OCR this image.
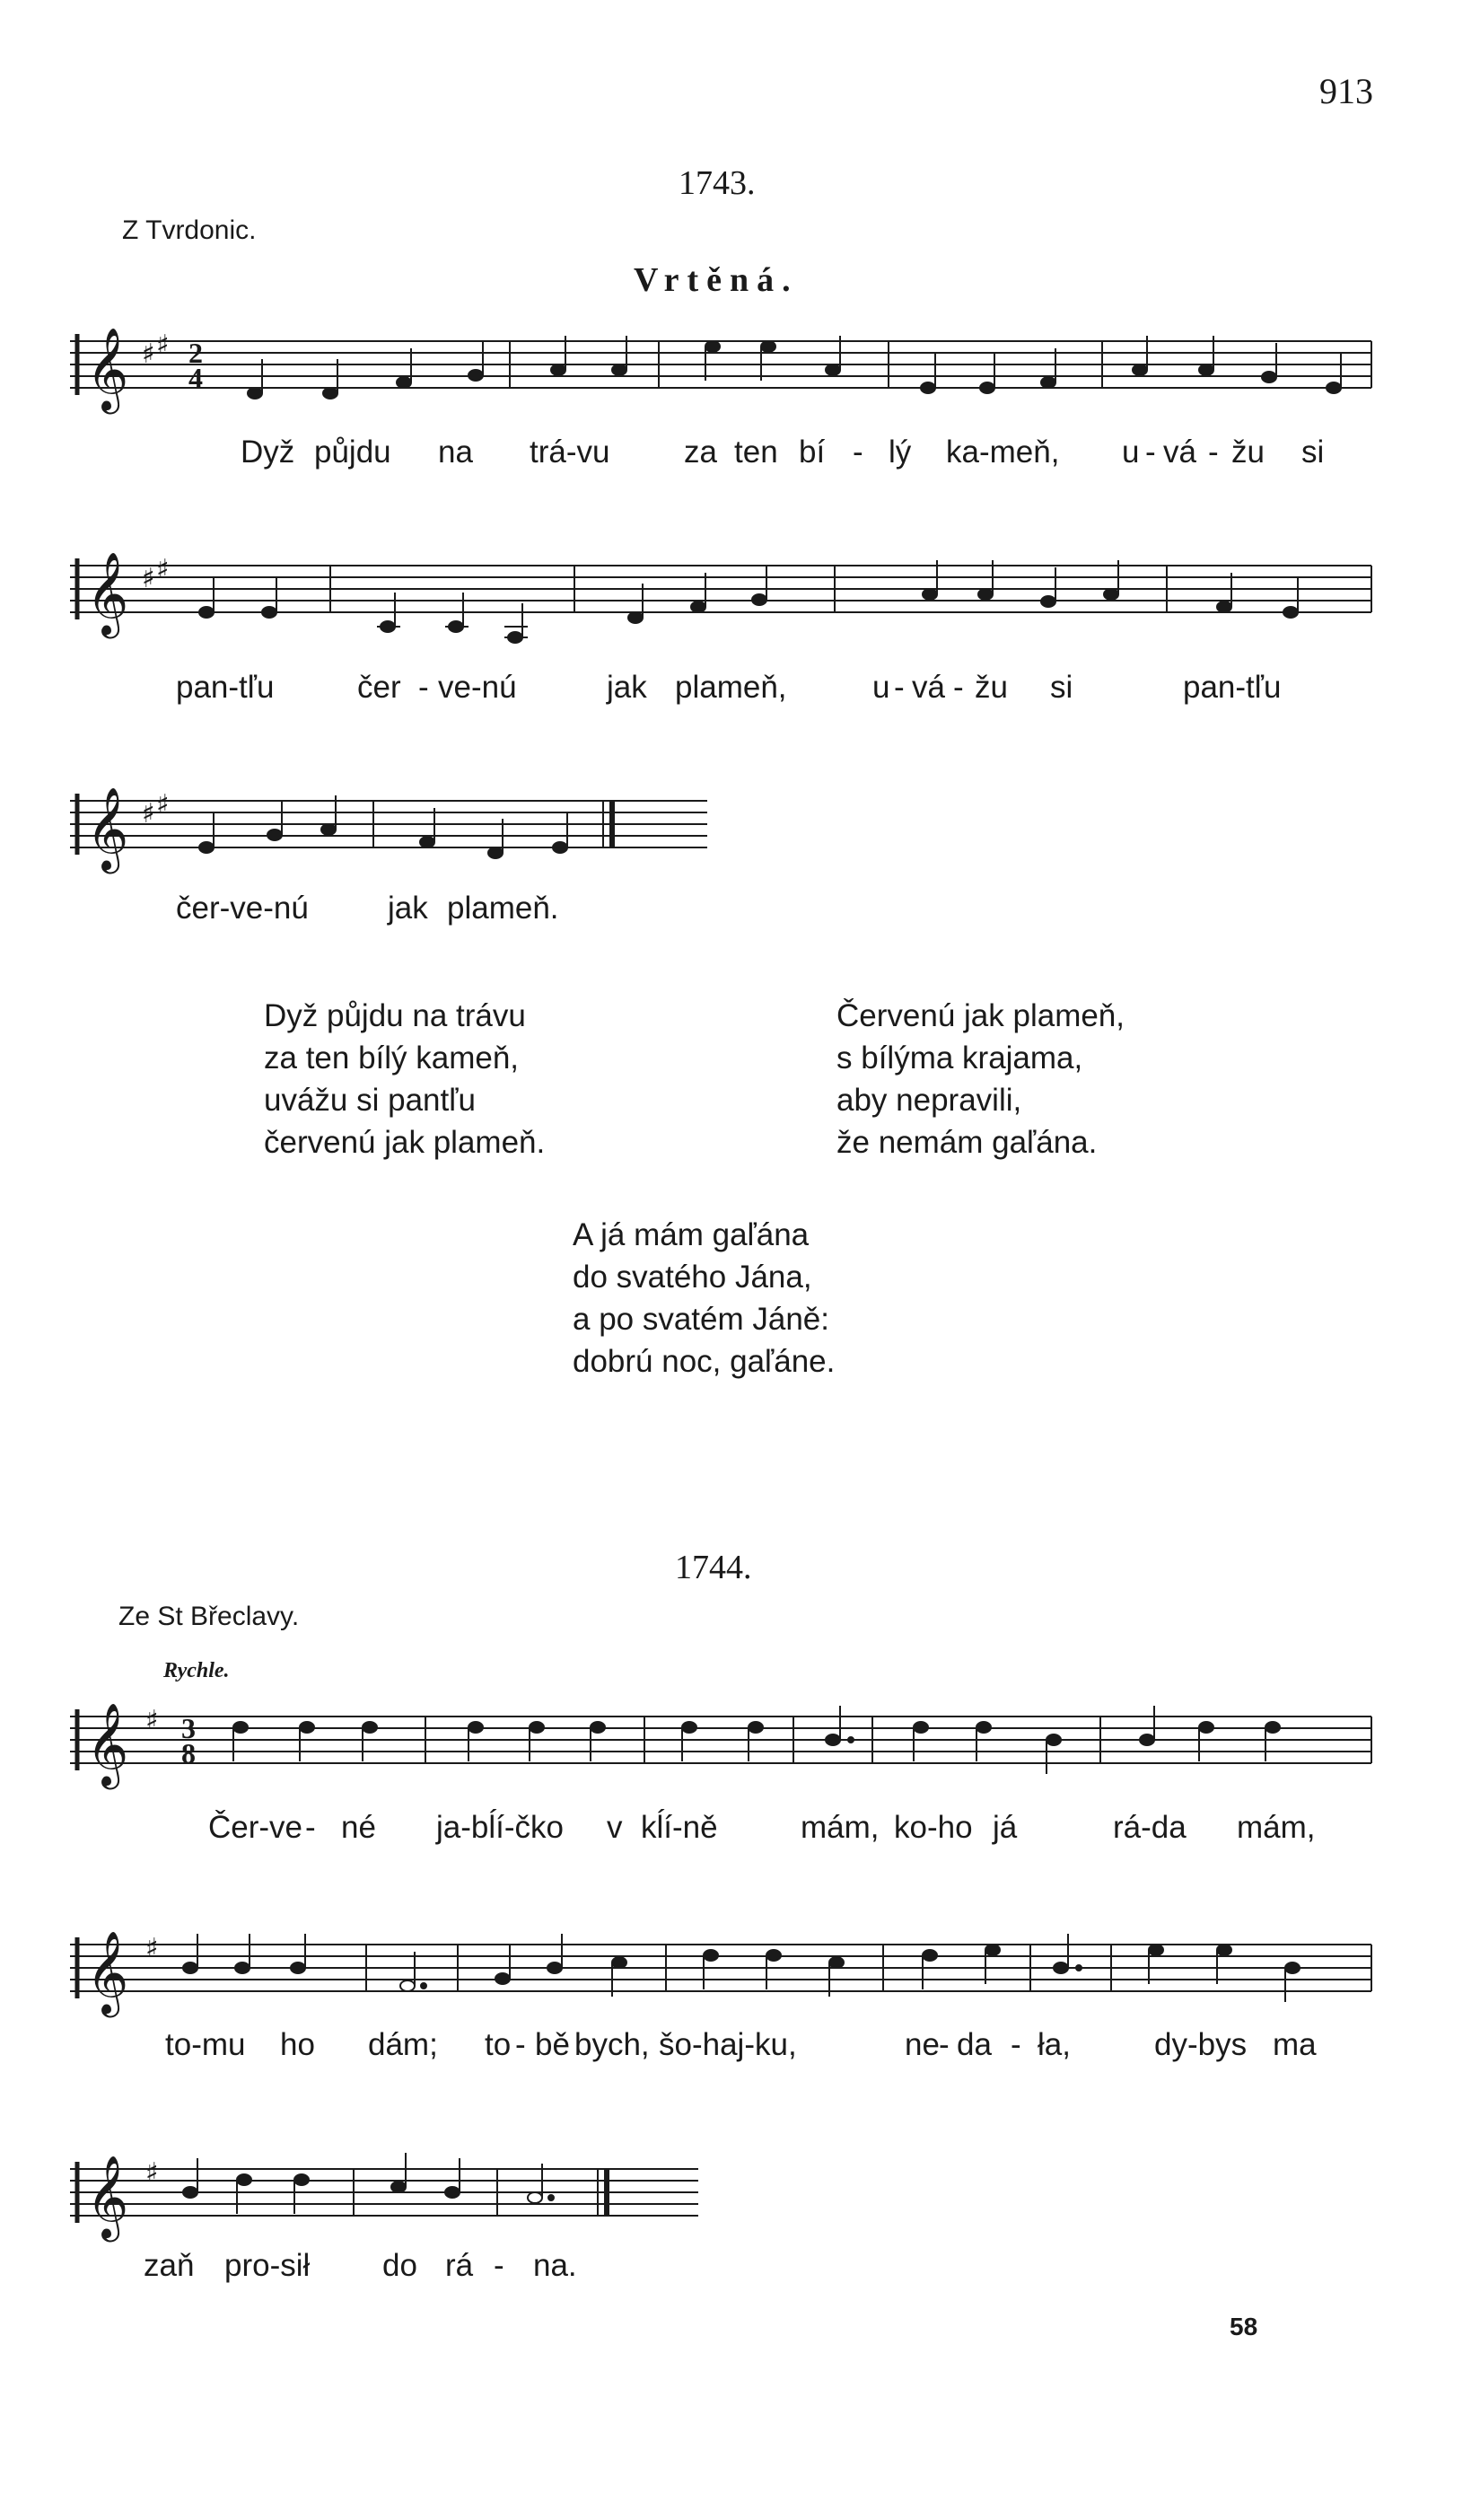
913
1743.
Z Tvrdonic.
Vrtěná.
𝄞 ♯ ♯ 2
4
Dyž půjdu na trá-vu za ten bí - lý ka-meň, u - vá - žu si
𝄞 ♯ ♯
pan-tľu	čer - ve-nú	jak plameň,	u - vá - žu si	pan-tľu
𝄞 ♯ ♯
čer-ve-nú	jak plameň.
Dyž půjdu na trávu
za ten bílý kameň,
uvážu si pantľu
červenú jak plameň.
Červenú jak plameň,
s bílýma krajama,
aby nepravili,
že nemám gaľána.
A já mám gaľána
do svatého Jána,
a po svatém Jáně:
dobrú noc, gaľáne.
1744.
Ze St Břeclavy.
Rychle.
𝄞 ♯ 3
8
Čer-ve - né ja-bĺí-čko v kĺí-ně	mám, ko-ho já	rá-da mám,
𝄞 ♯
to-mu ho dám; to - bě bych, šo-haj-ku,	ne - da - ła,	dy-bys ma
𝄞 ♯
zaň pro-sił do rá - na.
58
